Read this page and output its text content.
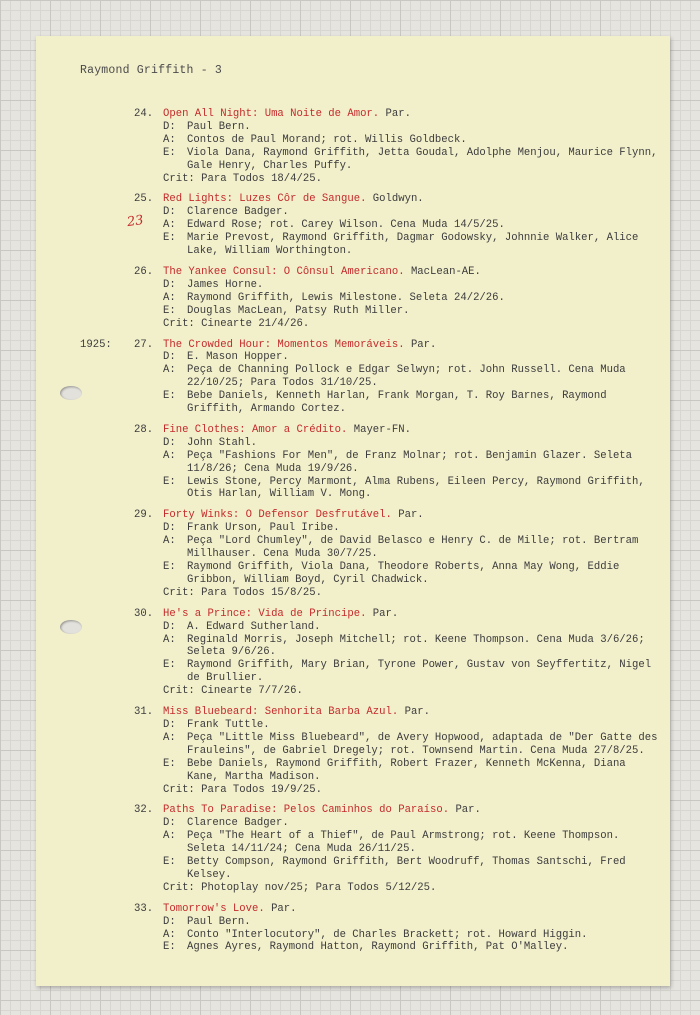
Raymond Griffith - 3

23
24. Open All Night: Uma Noite de Amor. Par.
D: Paul Bern.
A: Contos de Paul Morand; rot. Willis Goldbeck.
E: Viola Dana, Raymond Griffith, Jetta Goudal, Adolphe Menjou, Maurice Flynn, Gale Henry, Charles Puffy.
Crit: Para Todos 18/4/25.
25. Red Lights: Luzes Côr de Sangue. Goldwyn.
D: Clarence Badger.
A: Edward Rose; rot. Carey Wilson. Cena Muda 14/5/25.
E: Marie Prevost, Raymond Griffith, Dagmar Godowsky, Johnnie Walker, Alice Lake, William Worthington.
26. The Yankee Consul: O Cônsul Americano. MacLean-AE.
D: James Horne.
A: Raymond Griffith, Lewis Milestone. Seleta 24/2/26.
E: Douglas MacLean, Patsy Ruth Miller.
Crit: Cinearte 21/4/26.
1925: 27. The Crowded Hour: Momentos Memoráveis. Par.
D: E. Mason Hopper.
A: Peça de Channing Pollock e Edgar Selwyn; rot. John Russell. Cena Muda 22/10/25; Para Todos 31/10/25.
E: Bebe Daniels, Kenneth Harlan, Frank Morgan, T. Roy Barnes, Raymond Griffith, Armando Cortez.
28. Fine Clothes: Amor a Crédito. Mayer-FN.
D: John Stahl.
A: Peça "Fashions For Men", de Franz Molnar; rot. Benjamin Glazer. Seleta 11/8/26; Cena Muda 19/9/26.
E: Lewis Stone, Percy Marmont, Alma Rubens, Eileen Percy, Raymond Griffith, Otis Harlan, William V. Mong.
29. Forty Winks: O Defensor Desfrutável. Par.
D: Frank Urson, Paul Iribe.
A: Peça "Lord Chumley", de David Belasco e Henry C. de Mille; rot. Bertram Millhauser. Cena Muda 30/7/25.
E: Raymond Griffith, Viola Dana, Theodore Roberts, Anna May Wong, Eddie Gribbon, William Boyd, Cyril Chadwick.
Crit: Para Todos 15/8/25.
30. He's a Prince: Vida de Príncipe. Par.
D: A. Edward Sutherland.
A: Reginald Morris, Joseph Mitchell; rot. Keene Thompson. Cena Muda 3/6/26; Seleta 9/6/26.
E: Raymond Griffith, Mary Brian, Tyrone Power, Gustav von Seyffertitz, Nigel de Brullier.
Crit: Cinearte 7/7/26.
31. Miss Bluebeard: Senhorita Barba Azul. Par.
D: Frank Tuttle.
A: Peça "Little Miss Bluebeard", de Avery Hopwood, adaptada de "Der Gatte des Frauleins", de Gabriel Dregely; rot. Townsend Martin. Cena Muda 27/8/25.
E: Bebe Daniels, Raymond Griffith, Robert Frazer, Kenneth McKenna, Diana Kane, Martha Madison.
Crit: Para Todos 19/9/25.
32. Paths To Paradise: Pelos Caminhos do Paraíso. Par.
D: Clarence Badger.
A: Peça "The Heart of a Thief", de Paul Armstrong; rot. Keene Thompson. Seleta 14/11/24; Cena Muda 26/11/25.
E: Betty Compson, Raymond Griffith, Bert Woodruff, Thomas Santschi, Fred Kelsey.
Crit: Photoplay nov/25; Para Todos 5/12/25.
33. Tomorrow's Love. Par.
D: Paul Bern.
A: Conto "Interlocutory", de Charles Brackett; rot. Howard Higgin.
E: Agnes Ayres, Raymond Hatton, Raymond Griffith, Pat O'Malley.
